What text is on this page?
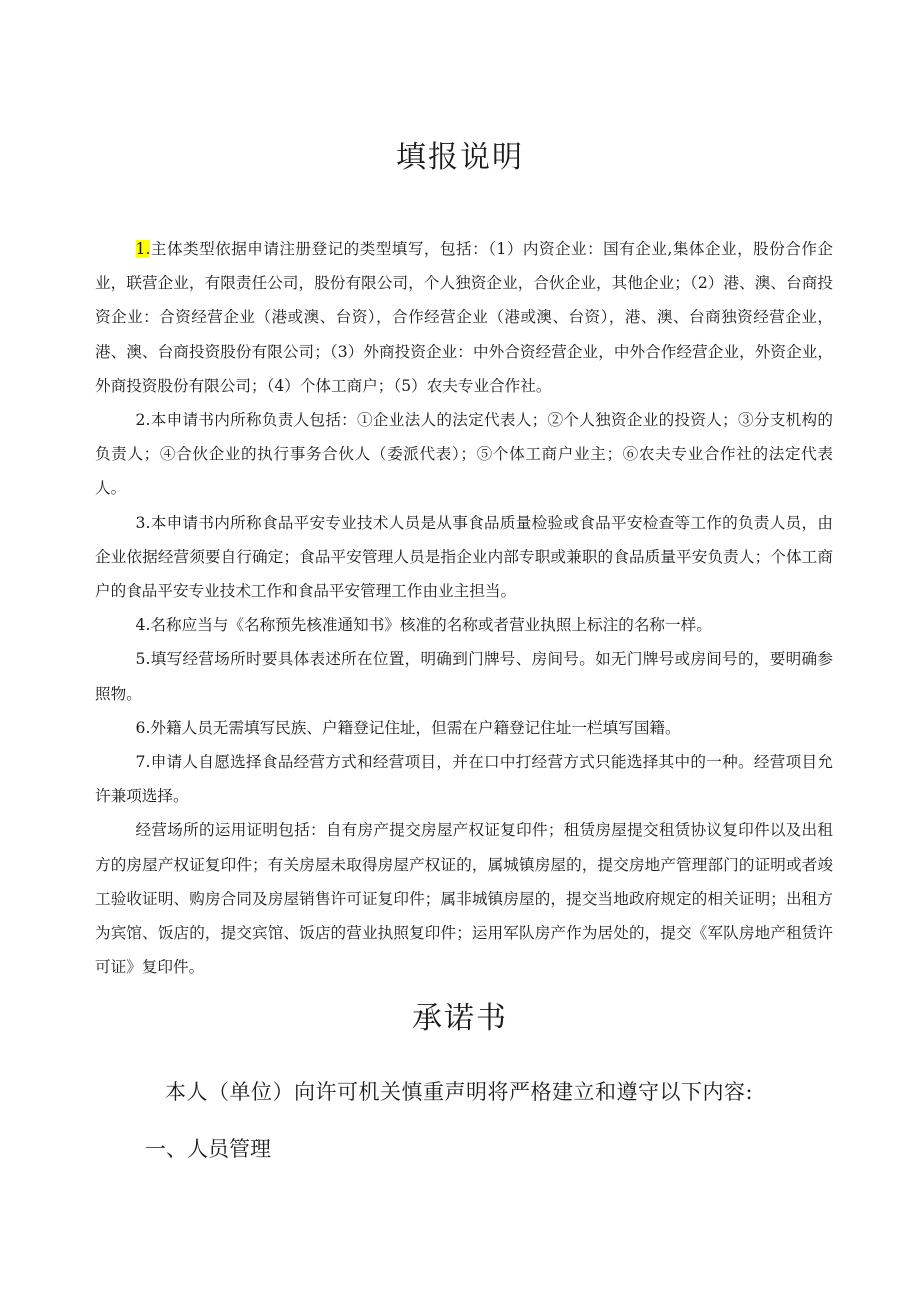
填报说明

1.主体类型依据申请注册登记的类型填写，包括：（1）内资企业：国有企业,集体企业，股份合作企业，联营企业，有限责任公司，股份有限公司，个人独资企业，合伙企业，其他企业；（2）港、澳、台商投资企业：合资经营企业（港或澳、台资），合作经营企业（港或澳、台资），港、澳、台商独资经营企业，港、澳、台商投资股份有限公司；（3）外商投资企业：中外合资经营企业，中外合作经营企业，外资企业，外商投资股份有限公司；（4）个体工商户；（5）农夫专业合作社。

2.本申请书内所称负责人包括：①企业法人的法定代表人；②个人独资企业的投资人；③分支机构的负责人；④合伙企业的执行事务合伙人（委派代表）；⑤个体工商户业主；⑥农夫专业合作社的法定代表人。

3.本申请书内所称食品平安专业技术人员是从事食品质量检验或食品平安检查等工作的负责人员，由企业依据经营须要自行确定；食品平安管理人员是指企业内部专职或兼职的食品质量平安负责人；个体工商户的食品平安专业技术工作和食品平安管理工作由业主担当。

4.名称应当与《名称预先核准通知书》核准的名称或者营业执照上标注的名称一样。

5.填写经营场所时要具体表述所在位置，明确到门牌号、房间号。如无门牌号或房间号的，要明确参照物。

6.外籍人员无需填写民族、户籍登记住址，但需在户籍登记住址一栏填写国籍。

7.申请人自愿选择食品经营方式和经营项目，并在口中打经营方式只能选择其中的一种。经营项目允许兼项选择。

经营场所的运用证明包括：自有房产提交房屋产权证复印件；租赁房屋提交租赁协议复印件以及出租方的房屋产权证复印件；有关房屋未取得房屋产权证的，属城镇房屋的，提交房地产管理部门的证明或者竣工验收证明、购房合同及房屋销售许可证复印件；属非城镇房屋的，提交当地政府规定的相关证明；出租方为宾馆、饭店的，提交宾馆、饭店的营业执照复印件；运用军队房产作为居处的，提交《军队房地产租赁许可证》复印件。

承诺书

本人（单位）向许可机关慎重声明将严格建立和遵守以下内容:

一、人员管理
